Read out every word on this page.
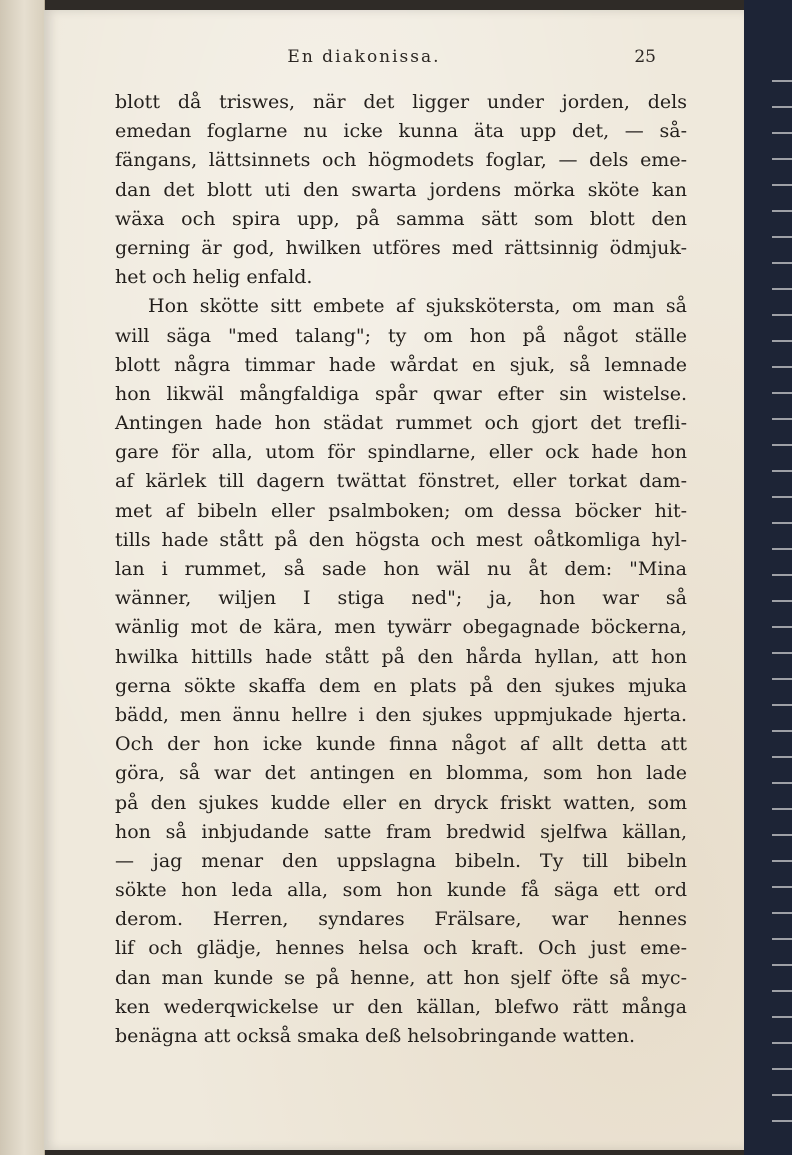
En diakonissa.	25
blott då triswes, när det ligger under jorden, dels
emedan foglarne nu icke kunna äta upp det, — så-
fängans, lättsinnets och högmodets foglar, — dels eme-
dan det blott uti den swarta jordens mörka sköte kan
wäxa och spira upp, på samma sätt som blott den
gerning är god, hwilken utföres med rättsinnig ödmjuk-
het och helig enfald.
Hon skötte sitt embete af sjukskötersta, om man så
will säga "med talang"; ty om hon på något ställe
blott några timmar hade wårdat en sjuk, så lemnade
hon likwäl mångfaldiga spår qwar efter sin wistelse.
Antingen hade hon städat rummet och gjort det trefli-
gare för alla, utom för spindlarne, eller ock hade hon
af kärlek till dagern twättat fönstret, eller torkat dam-
met af bibeln eller psalmboken; om dessa böcker hit-
tills hade stått på den högsta och mest oåtkomliga hyl-
lan i rummet, så sade hon wäl nu åt dem: "Mina
wänner, wiljen I stiga ned"; ja, hon war så
wänlig mot de kära, men tywärr obegagnade böckerna,
hwilka hittills hade stått på den hårda hyllan, att hon
gerna sökte skaffa dem en plats på den sjukes mjuka
bädd, men ännu hellre i den sjukes uppmjukade hjerta.
Och der hon icke kunde finna något af allt detta att
göra, så war det antingen en blomma, som hon lade
på den sjukes kudde eller en dryck friskt watten, som
hon så inbjudande satte fram bredwid sjelfwa källan,
— jag menar den uppslagna bibeln. Ty till bibeln
sökte hon leda alla, som hon kunde få säga ett ord
derom. Herren, syndares Frälsare, war hennes
lif och glädje, hennes helsa och kraft. Och just eme-
dan man kunde se på henne, att hon sjelf öfte så myc-
ken wederqwickelse ur den källan, blefwo rätt många
benägna att också smaka deß helsobringande watten.
